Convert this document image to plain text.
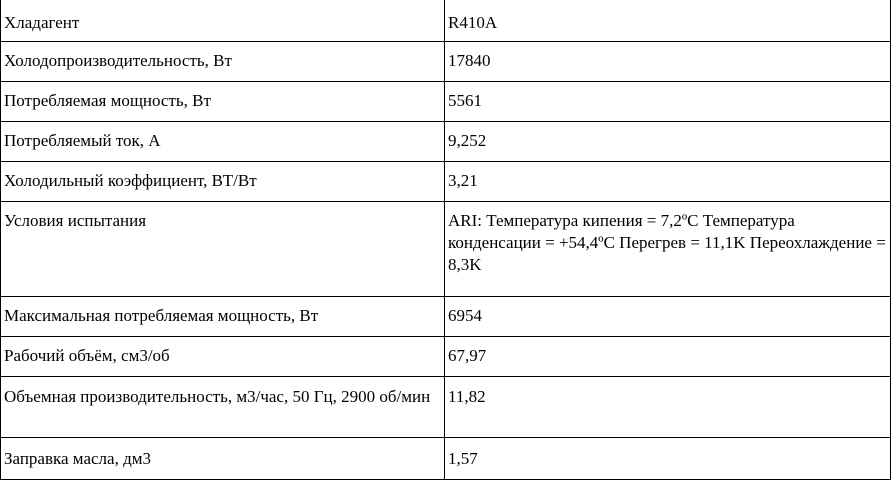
Хладагент	R410A
Холодопроизводительность, Вт	17840
Потребляемая мощность, Вт	5561
Потребляемый ток, А	9,252
Холодильный коэффициент, ВТ/Вт	3,21
Условия испытания	ARI: Температура кипения = 7,2ºC Температура конденсации = +54,4ºC Перегрев = 11,1K Переохлаждение = 8,3K
Максимальная потребляемая мощность, Вт	6954
Рабочий объём, см3/об	67,97
Объемная производительность, м3/час, 50 Гц, 2900 об/мин	11,82
Заправка масла, дм3	1,57
